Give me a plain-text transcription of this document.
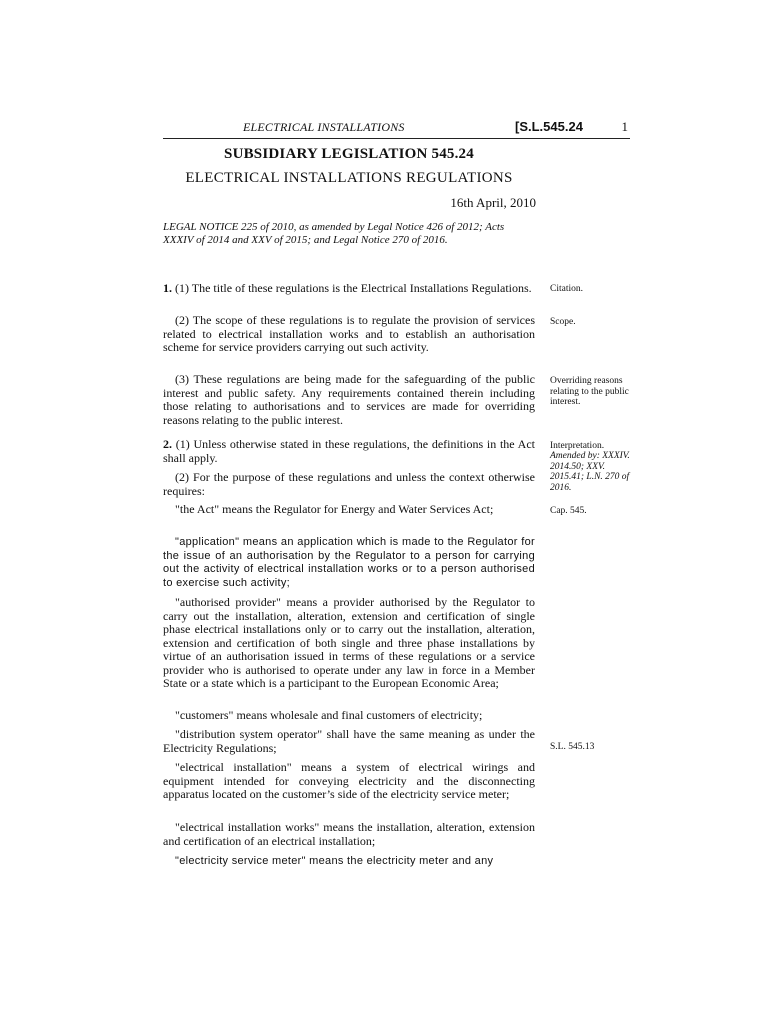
ELECTRICAL INSTALLATIONS	[S.L.545.24	1
SUBSIDIARY LEGISLATION 545.24
ELECTRICAL INSTALLATIONS REGULATIONS
16th April, 2010
LEGAL NOTICE 225 of 2010, as amended by Legal Notice 426 of 2012; Acts XXXIV of 2014 and XXV of 2015; and Legal Notice 270 of 2016.
1. (1) The title of these regulations is the Electrical Installations Regulations.
(2) The scope of these regulations is to regulate the provision of services related to electrical installation works and to establish an authorisation scheme for service providers carrying out such activity.
(3) These regulations are being made for the safeguarding of the public interest and public safety. Any requirements contained therein including those relating to authorisations and to services are made for overriding reasons relating to the public interest.
2. (1) Unless otherwise stated in these regulations, the definitions in the Act shall apply.
(2) For the purpose of these regulations and unless the context otherwise requires:
"the Act" means the Regulator for Energy and Water Services Act;
"application" means an application which is made to the Regulator for the issue of an authorisation by the Regulator to a person for carrying out the activity of electrical installation works or to a person authorised to exercise such activity;
"authorised provider" means a provider authorised by the Regulator to carry out the installation, alteration, extension and certification of single phase electrical installations only or to carry out the installation, alteration, extension and certification of both single and three phase installations by virtue of an authorisation issued in terms of these regulations or a service provider who is authorised to operate under any law in force in a Member State or a state which is a participant to the European Economic Area;
"customers" means wholesale and final customers of electricity;
"distribution system operator" shall have the same meaning as under the Electricity Regulations;
"electrical installation" means a system of electrical wirings and equipment intended for conveying electricity and the disconnecting apparatus located on the customer’s side of the electricity service meter;
"electrical installation works" means the installation, alteration, extension and certification of an electrical installation;
"electricity service meter" means the electricity meter and any
Citation.
Scope.
Overriding reasons relating to the public interest.
Interpretation.
Amended by: XXXIV. 2014.50; XXV. 2015.41; L.N. 270 of 2016.
Cap. 545.
S.L. 545.13
